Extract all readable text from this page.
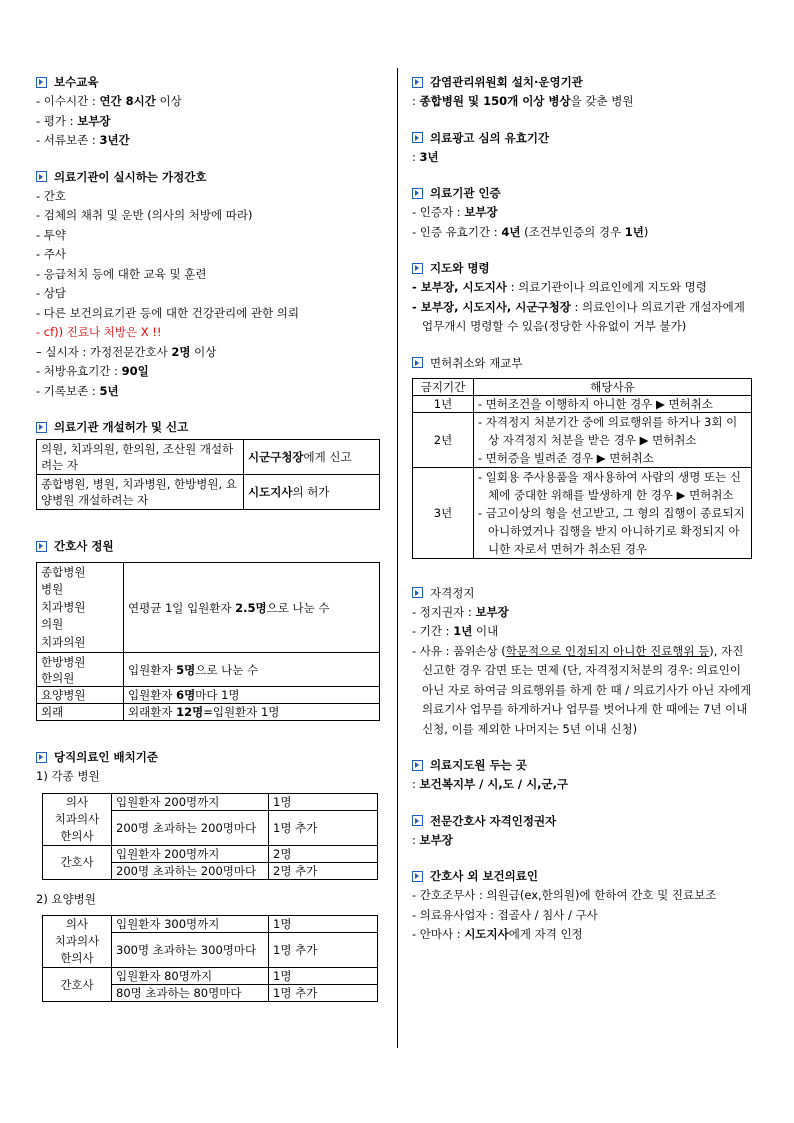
보수교육
- 이수시간 : 연간 8시간 이상
- 평가 : 보부장
- 서류보존 : 3년간
의료기관이 실시하는 가정간호
- 간호
- 검체의 채취 및 운반 (의사의 처방에 따라)
- 투약
- 주사
- 응급처치 등에 대한 교육 및 훈련
- 상담
- 다른 보건의료기관 등에 대한 건강관리에 관한 의뢰
- cf)) 진료나 처방은 X !!
– 실시자 : 가정전문간호사 2명 이상
- 처방유효기간 : 90일
- 기록보존 : 5년
의료기관 개설허가 및 신고
의원, 치과의원, 한의원, 조산원 개설하려는 자	시군구청장에게 신고
종합병원, 병원, 치과병원, 한방병원, 요양병원 개설하려는 자	시도지사의 허가
간호사 정원
종합병원
병원
치과병원
의원
치과의원	연평균 1일 입원환자 2.5명으로 나눈 수

한방병원
한의원	입원환자 5명으로 나눈 수
요양병원	입원환자 6명마다 1명
외래	외래환자 12명=입원환자 1명
당직의료인 배치기준
1) 각종 병원
의사
치과의사
한의사	입원환자 200명까지	1명
	200명 초과하는 200명마다	1명 추가
간호사	입원환자 200명까지	2명
	200명 초과하는 200명마다	2명 추가
2) 요양병원
의사
치과의사
한의사	입원환자 300명까지	1명
	300명 초과하는 300명마다	1명 추가
간호사	입원환자 80명까지	1명
	80명 초과하는 80명마다	1명 추가
감염관리위원회 설치·운영기관
: 종합병원 및 150개 이상 병상을 갖춘 병원
의료광고 심의 유효기간
: 3년
의료기관 인증
- 인증자 : 보부장
- 인증 유효기간 : 4년 (조건부인증의 경우 1년)
지도와 명령
- 보부장, 시도지사 : 의료기관이나 의료인에게 지도와 명령
- 보부장, 시도지사, 시군구청장 : 의료인이나 의료기관 개설자에게 업무개시 명령할 수 있음(정당한 사유없이 거부 불가)
면허취소와 재교부
금지기간	해당사유
1년	- 면허조건을 이행하지 아니한 경우 ▶ 면허취소
2년	- 자격정지 처분기간 중에 의료행위를 하거나 3회 이상 자격정지 처분을 받은 경우 ▶ 면허취소
- 면허증을 빌려준 경우 ▶ 면허취소

3년	- 일회용 주사용품을 재사용하여 사람의 생명 또는 신체에 중대한 위해를 발생하게 한 경우 ▶ 면허취소
- 금고이상의 형을 선고받고, 그 형의 집행이 종료되지 아니하였거나 집행을 받지 아니하기로 확정되지 아니한 자로서 면허가 취소된 경우
자격정지
- 정지권자 : 보부장
- 기간 : 1년 이내
- 사유 : 품위손상 (학문적으로 인정되지 아니한 진료행위 등), 자진신고한 경우 감면 또는 면제 (단, 자격정지처분의 경우: 의료인이 아닌 자로 하여금 의료행위를 하게 한 때 / 의료기사가 아닌 자에게 의료기사 업무를 하게하거나 업무를 벗어나게 한 때에는 7년 이내 신청, 이를 제외한 나머지는 5년 이내 신청)
의료지도원 두는 곳
: 보건복지부 / 시,도 / 시,군,구
전문간호사 자격인정권자
: 보부장
간호사 외 보건의료인
- 간호조무사 : 의원급(ex,한의원)에 한하여 간호 및 진료보조
- 의료유사업자 : 접골사 / 침사 / 구사
- 안마사 : 시도지사에게 자격 인정
